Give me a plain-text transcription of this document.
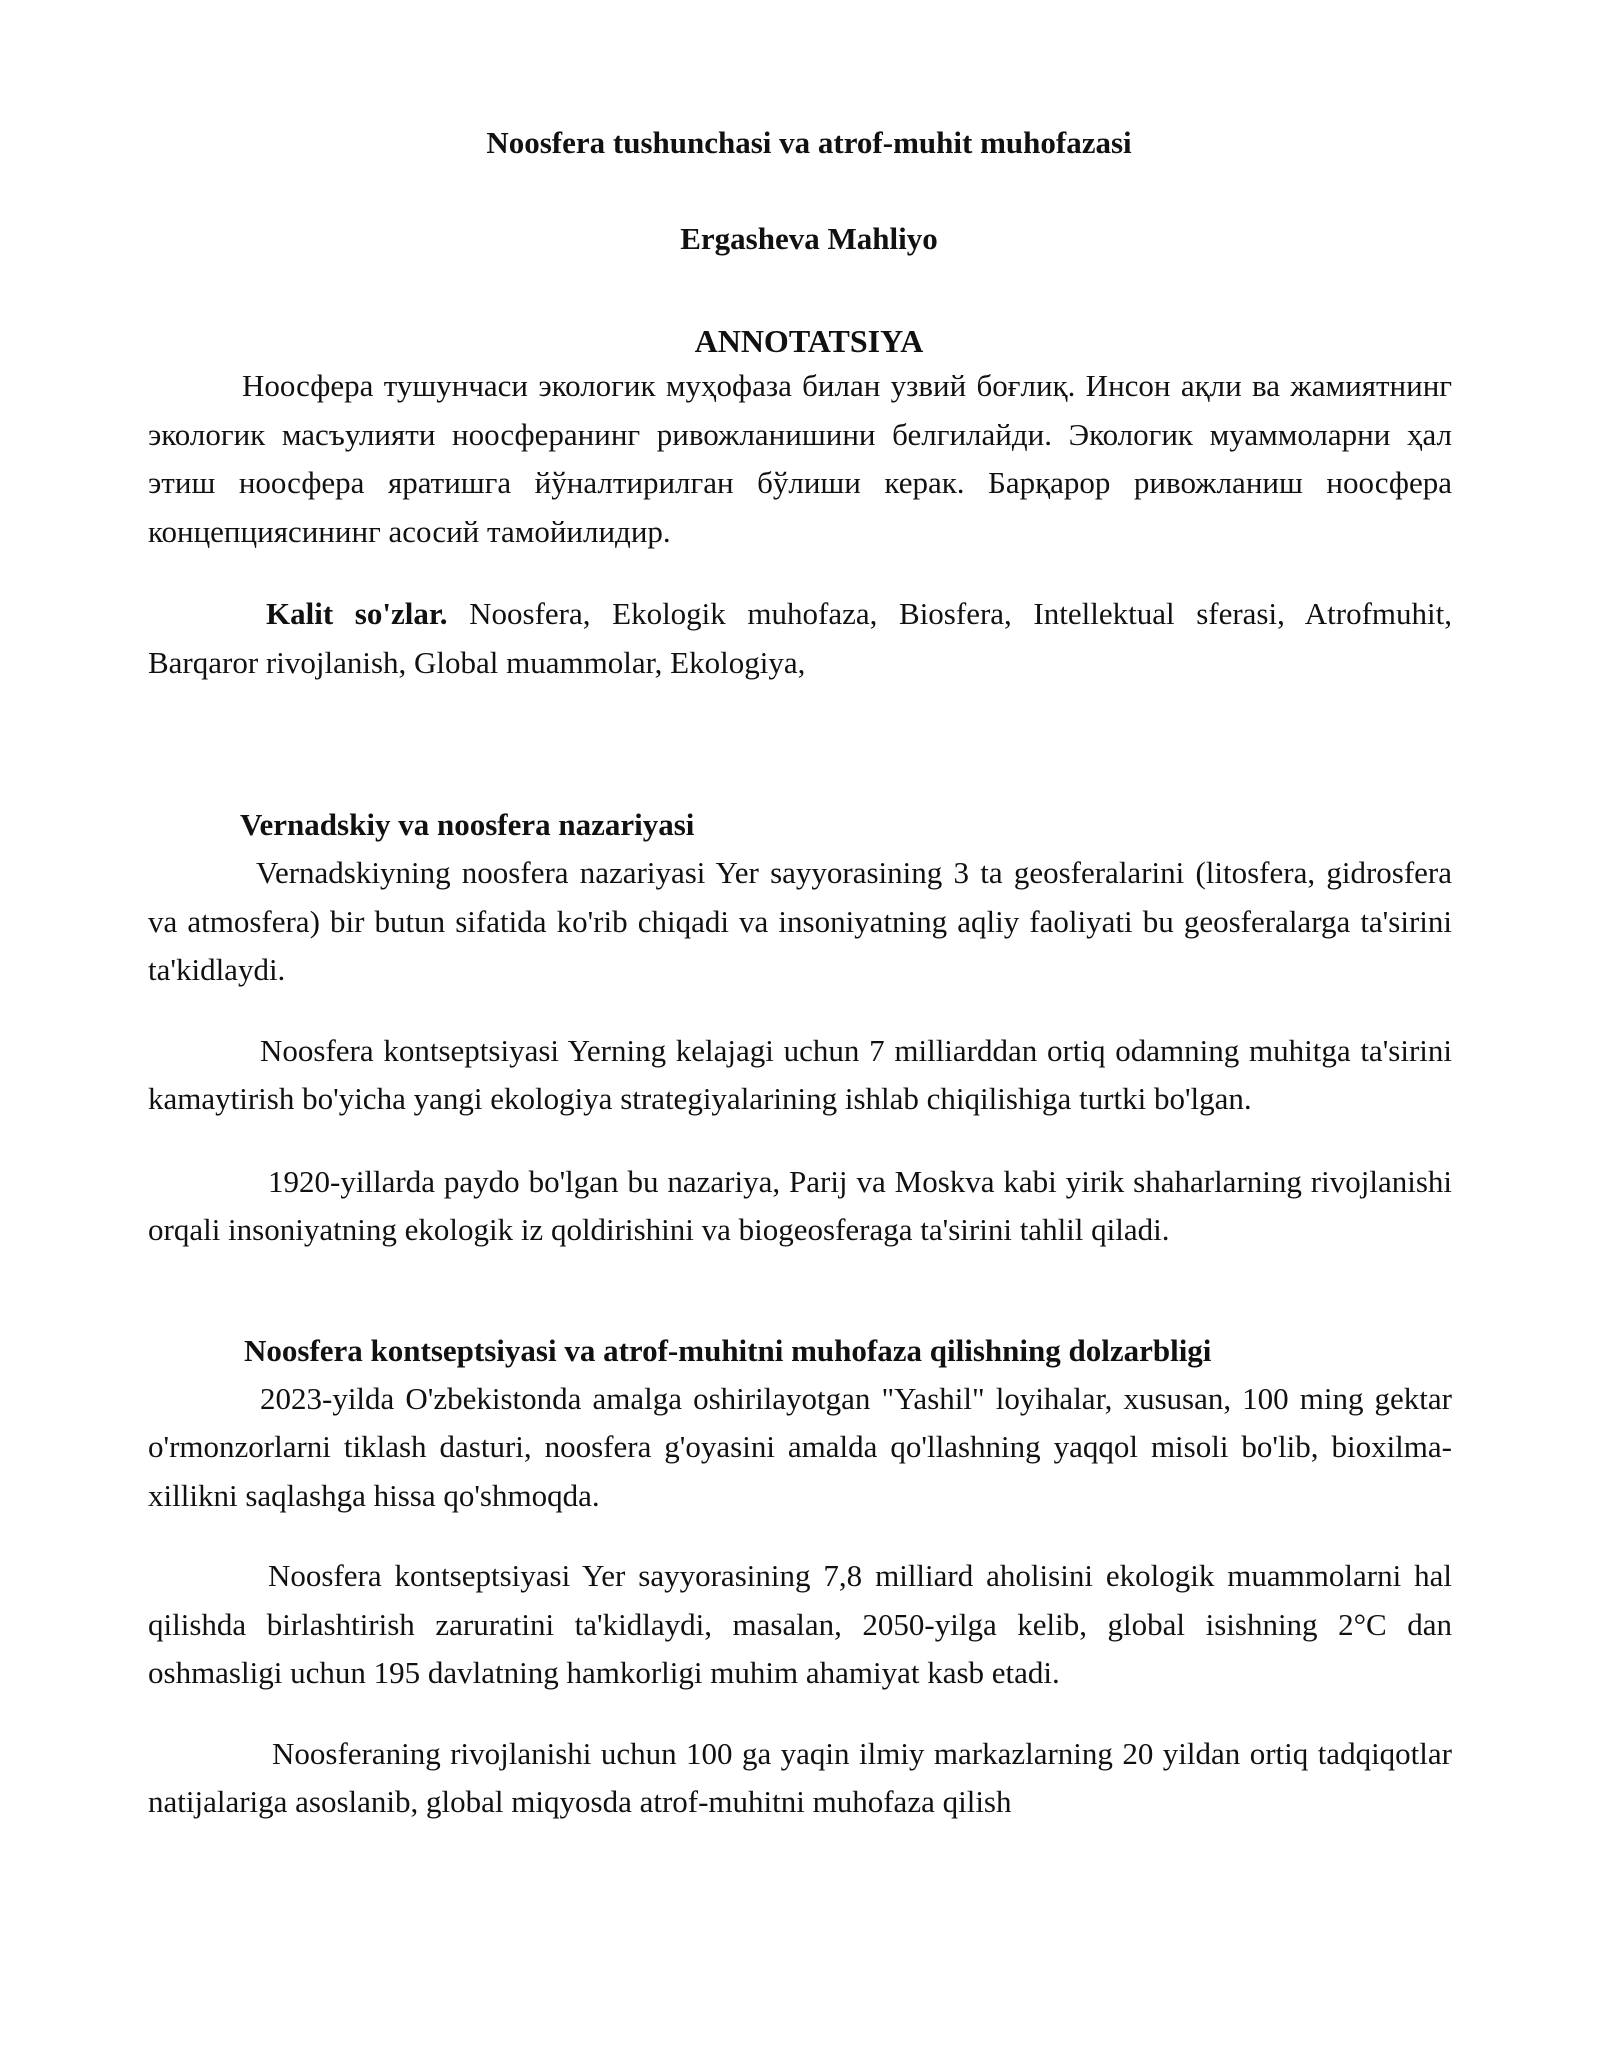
Noosfera tushunchasi va atrof-muhit muhofazasi
Ergasheva Mahliyo
ANNOTATSIYA

Ноосфера тушунчаси экологик муҳофаза билан узвий боғлиқ. Инсон ақли ва жамиятнинг экологик масъулияти ноосферанинг ривожланишини белгилайди. Экологик муаммоларни ҳал этиш ноосфера яратишга йўналтирилган бўлиши керак. Барқарор ривожланиш ноосфера концепциясининг асосий тамойилидир.

Kalit so'zlar. Noosfera, Ekologik muhofaza, Biosfera, Intellektual sferasi, Atrofmuhit, Barqaror rivojlanish, Global muammolar, Ekologiya,

Vernadskiy va noosfera nazariyasi

Vernadskiyning noosfera nazariyasi Yer sayyorasining 3 ta geosferalarini (litosfera, gidrosfera va atmosfera) bir butun sifatida ko'rib chiqadi va insoniyatning aqliy faoliyati bu geosferalarga ta'sirini ta'kidlaydi.

Noosfera kontseptsiyasi Yerning kelajagi uchun 7 milliarddan ortiq odamning muhitga ta'sirini kamaytirish bo'yicha yangi ekologiya strategiyalarining ishlab chiqilishiga turtki bo'lgan.

1920-yillarda paydo bo'lgan bu nazariya, Parij va Moskva kabi yirik shaharlarning rivojlanishi orqali insoniyatning ekologik iz qoldirishini va biogeosferaga ta'sirini tahlil qiladi.

Noosfera kontseptsiyasi va atrof-muhitni muhofaza qilishning dolzarbligi

2023-yilda O'zbekistonda amalga oshirilayotgan "Yashil" loyihalar, xususan, 100 ming gektar o'rmonzorlarni tiklash dasturi, noosfera g'oyasini amalda qo'llashning yaqqol misoli bo'lib, bioxilma-xillikni saqlashga hissa qo'shmoqda.

Noosfera kontseptsiyasi Yer sayyorasining 7,8 milliard aholisini ekologik muammolarni hal qilishda birlashtirish zaruratini ta'kidlaydi, masalan, 2050-yilga kelib, global isishning 2°C dan oshmasligi uchun 195 davlatning hamkorligi muhim ahamiyat kasb etadi.

Noosferaning rivojlanishi uchun 100 ga yaqin ilmiy markazlarning 20 yildan ortiq tadqiqotlar natijalariga asoslanib, global miqyosda atrof-muhitni muhofaza qilish
